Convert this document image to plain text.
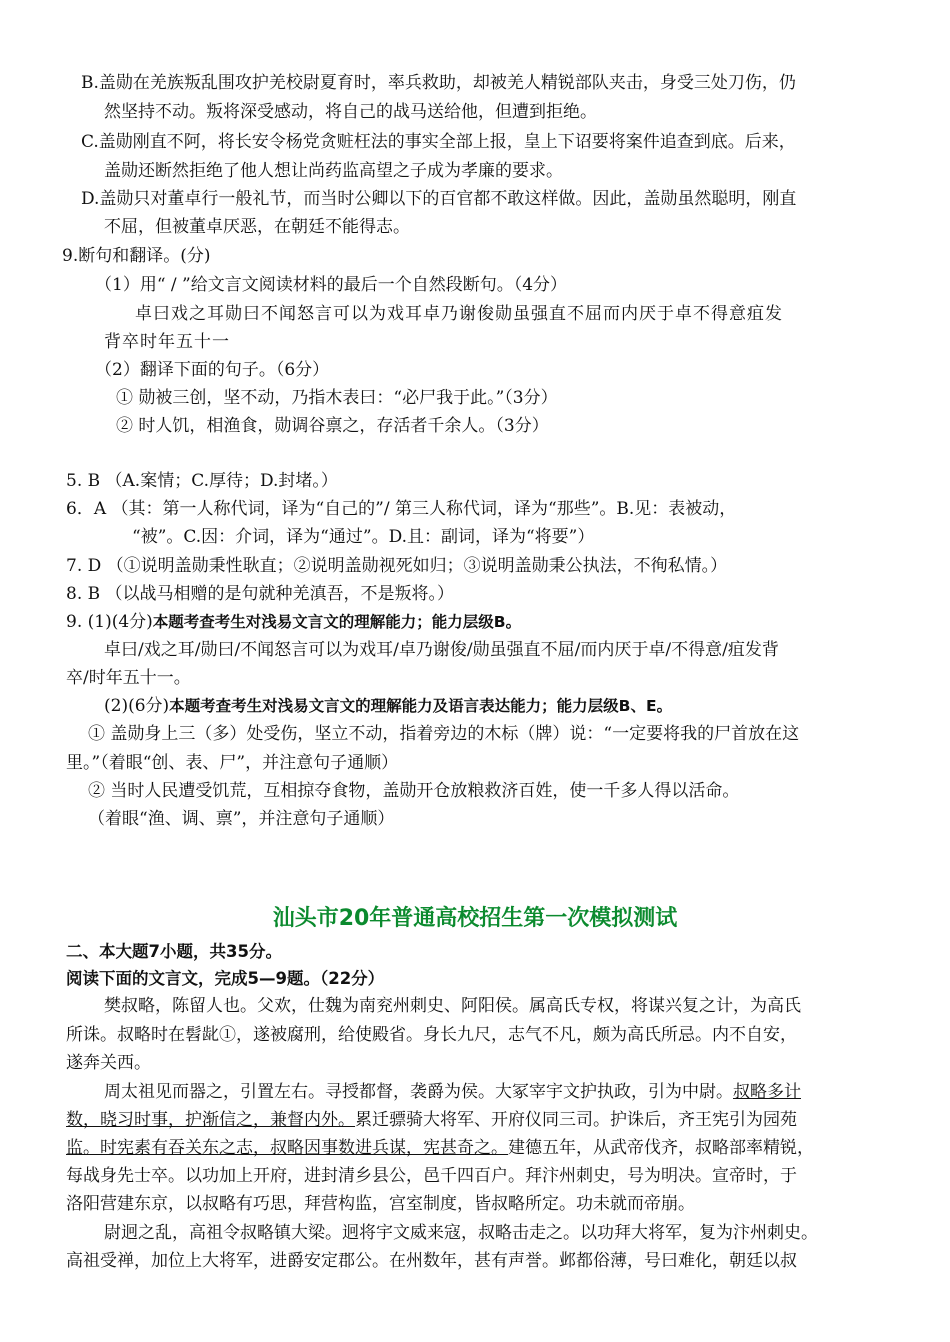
B.盖勋在羌族叛乱围攻护羌校尉夏育时，率兵救助，却被羌人精锐部队夹击，身受三处刀伤，仍
然坚持不动。叛将深受感动，将自己的战马送给他，但遭到拒绝。
C.盖勋刚直不阿，将长安令杨党贪赃枉法的事实全部上报，皇上下诏要将案件追查到底。后来，
盖勋还断然拒绝了他人想让尚药监高望之子成为孝廉的要求。
D.盖勋只对董卓行一般礼节，而当时公卿以下的百官都不敢这样做。因此，盖勋虽然聪明，刚直
不屈，但被董卓厌恶，在朝廷不能得志。
9.断句和翻译。(分)
（1）用“ / ”给文言文阅读材料的最后一个自然段断句。（4分）
卓曰戏之耳勋曰不闻怒言可以为戏耳卓乃谢俊勋虽强直不屈而内厌于卓不得意疽发
背卒时年五十一
（2）翻译下面的句子。（6分）
① 勋被三创，坚不动，乃指木表曰：“必尸我于此。”（3分）
② 时人饥，相渔食，勋调谷禀之，存活者千余人。（3分）
5. B （A.案情；C.厚待；D.封堵。）
6．A （其：第一人称代词，译为“自己的”/ 第三人称代词，译为“那些”。B.见：表被动，
“被”。C.因：介词，译为“通过”。D.且：副词，译为“将要”）
7. D （①说明盖勋秉性耿直；②说明盖勋视死如归；③说明盖勋秉公执法，不徇私情。）
8. B （以战马相赠的是句就种羌滇吾，不是叛将。）
9. (1)(4分)本题考查考生对浅易文言文的理解能力；能力层级B。
卓曰/戏之耳/勋曰/不闻怒言可以为戏耳/卓乃谢俊/勋虽强直不屈/而内厌于卓/不得意/疽发背
卒/时年五十一。
(2)(6分)本题考查考生对浅易文言文的理解能力及语言表达能力；能力层级B、E。
① 盖勋身上三（多）处受伤，坚立不动，指着旁边的木标（牌）说：“一定要将我的尸首放在这
里。”（着眼“创、表、尸”，并注意句子通顺）
② 当时人民遭受饥荒，互相掠夺食物，盖勋开仓放粮救济百姓，使一千多人得以活命。
（着眼“渔、调、禀”，并注意句子通顺）
汕头市20年普通高校招生第一次模拟测试
二、本大题7小题，共35分。
阅读下面的文言文，完成5—9题。（22分）
樊叔略，陈留人也。父欢，仕魏为南兖州刺史、阿阳侯。属高氏专权，将谋兴复之计，为高氏
所诛。叔略时在髫龀①，遂被腐刑，给使殿省。身长九尺，志气不凡，颇为高氏所忌。内不自安，
遂奔关西。
周太祖见而器之，引置左右。寻授都督，袭爵为侯。大冢宰宇文护执政，引为中尉。叔略多计
数，晓习时事，护渐信之，兼督内外。累迁骠骑大将军、开府仪同三司。护诛后，齐王宪引为园苑
监。时宪素有吞关东之志，叔略因事数进兵谋，宪甚奇之。建德五年，从武帝伐齐，叔略部率精锐，
每战身先士卒。以功加上开府，进封清乡县公，邑千四百户。拜汴州刺史，号为明决。宣帝时，于
洛阳营建东京，以叔略有巧思，拜营构监，宫室制度，皆叔略所定。功未就而帝崩。
尉迥之乱，高祖令叔略镇大梁。迥将宇文威来寇，叔略击走之。以功拜大将军，复为汴州刺史。
高祖受禅，加位上大将军，进爵安定郡公。在州数年，甚有声誉。邺都俗薄，号曰难化，朝廷以叔
